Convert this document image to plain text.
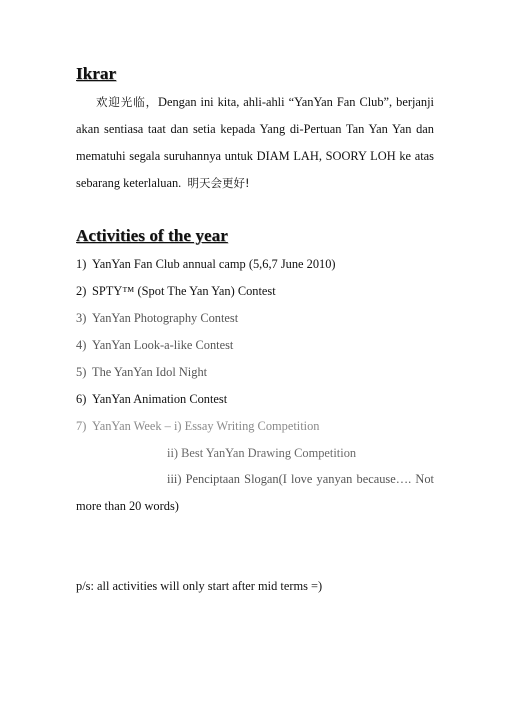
Ikrar
欢迎光临，Dengan ini kita, ahli-ahli “YanYan Fan Club”, berjanji
akan sentiasa taat dan setia kepada Yang di-Pertuan Tan Yan Yan dan
mematuhi segala suruhannya untuk DIAM LAH, SOORY LOH ke atas
sebarang keterlaluan. 明天会更好!
Activities of the year
1) YanYan Fan Club annual camp (5,6,7 June 2010)
2) SPTY™ (Spot The Yan Yan) Contest
3) YanYan Photography Contest
4) YanYan Look-a-like Contest
5) The YanYan Idol Night
6) YanYan Animation Contest
7) YanYan Week – i) Essay Writing Competition
ii) Best YanYan Drawing Competition
iii) Penciptaan Slogan(I love yanyan because…. Not
more than 20 words)
p/s: all activities will only start after mid terms =)
